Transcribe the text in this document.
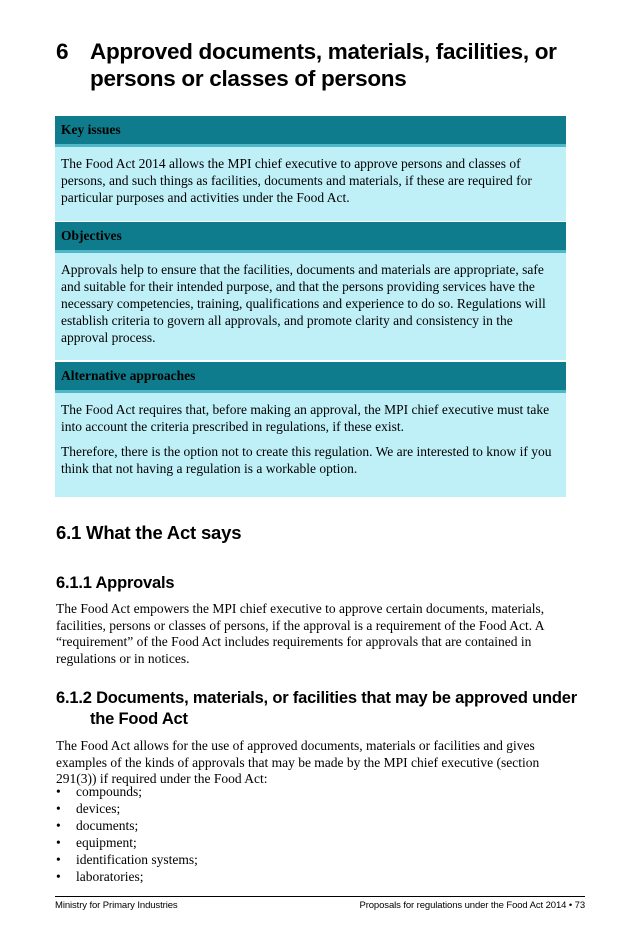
6 Approved documents, materials, facilities, or persons or classes of persons
Key issues

The Food Act 2014 allows the MPI chief executive to approve persons and classes of persons, and such things as facilities, documents and materials, if these are required for particular purposes and activities under the Food Act.

Objectives

Approvals help to ensure that the facilities, documents and materials are appropriate, safe and suitable for their intended purpose, and that the persons providing services have the necessary competencies, training, qualifications and experience to do so. Regulations will establish criteria to govern all approvals, and promote clarity and consistency in the approval process.

Alternative approaches

The Food Act requires that, before making an approval, the MPI chief executive must take into account the criteria prescribed in regulations, if these exist.

Therefore, there is the option not to create this regulation. We are interested to know if you think that not having a regulation is a workable option.

6.1 What the Act says
6.1.1 Approvals

The Food Act empowers the MPI chief executive to approve certain documents, materials, facilities, persons or classes of persons, if the approval is a requirement of the Food Act. A “requirement” of the Food Act includes requirements for approvals that are contained in regulations or in notices.

6.1.2 Documents, materials, or facilities that may be approved under the Food Act

The Food Act allows for the use of approved documents, materials or facilities and gives examples of the kinds of approvals that may be made by the MPI chief executive (section 291(3)) if required under the Food Act:

• compounds;
• devices;
• documents;
• equipment;
• identification systems;
• laboratories;
Ministry for Primary Industries	Proposals for regulations under the Food Act 2014 • 73
